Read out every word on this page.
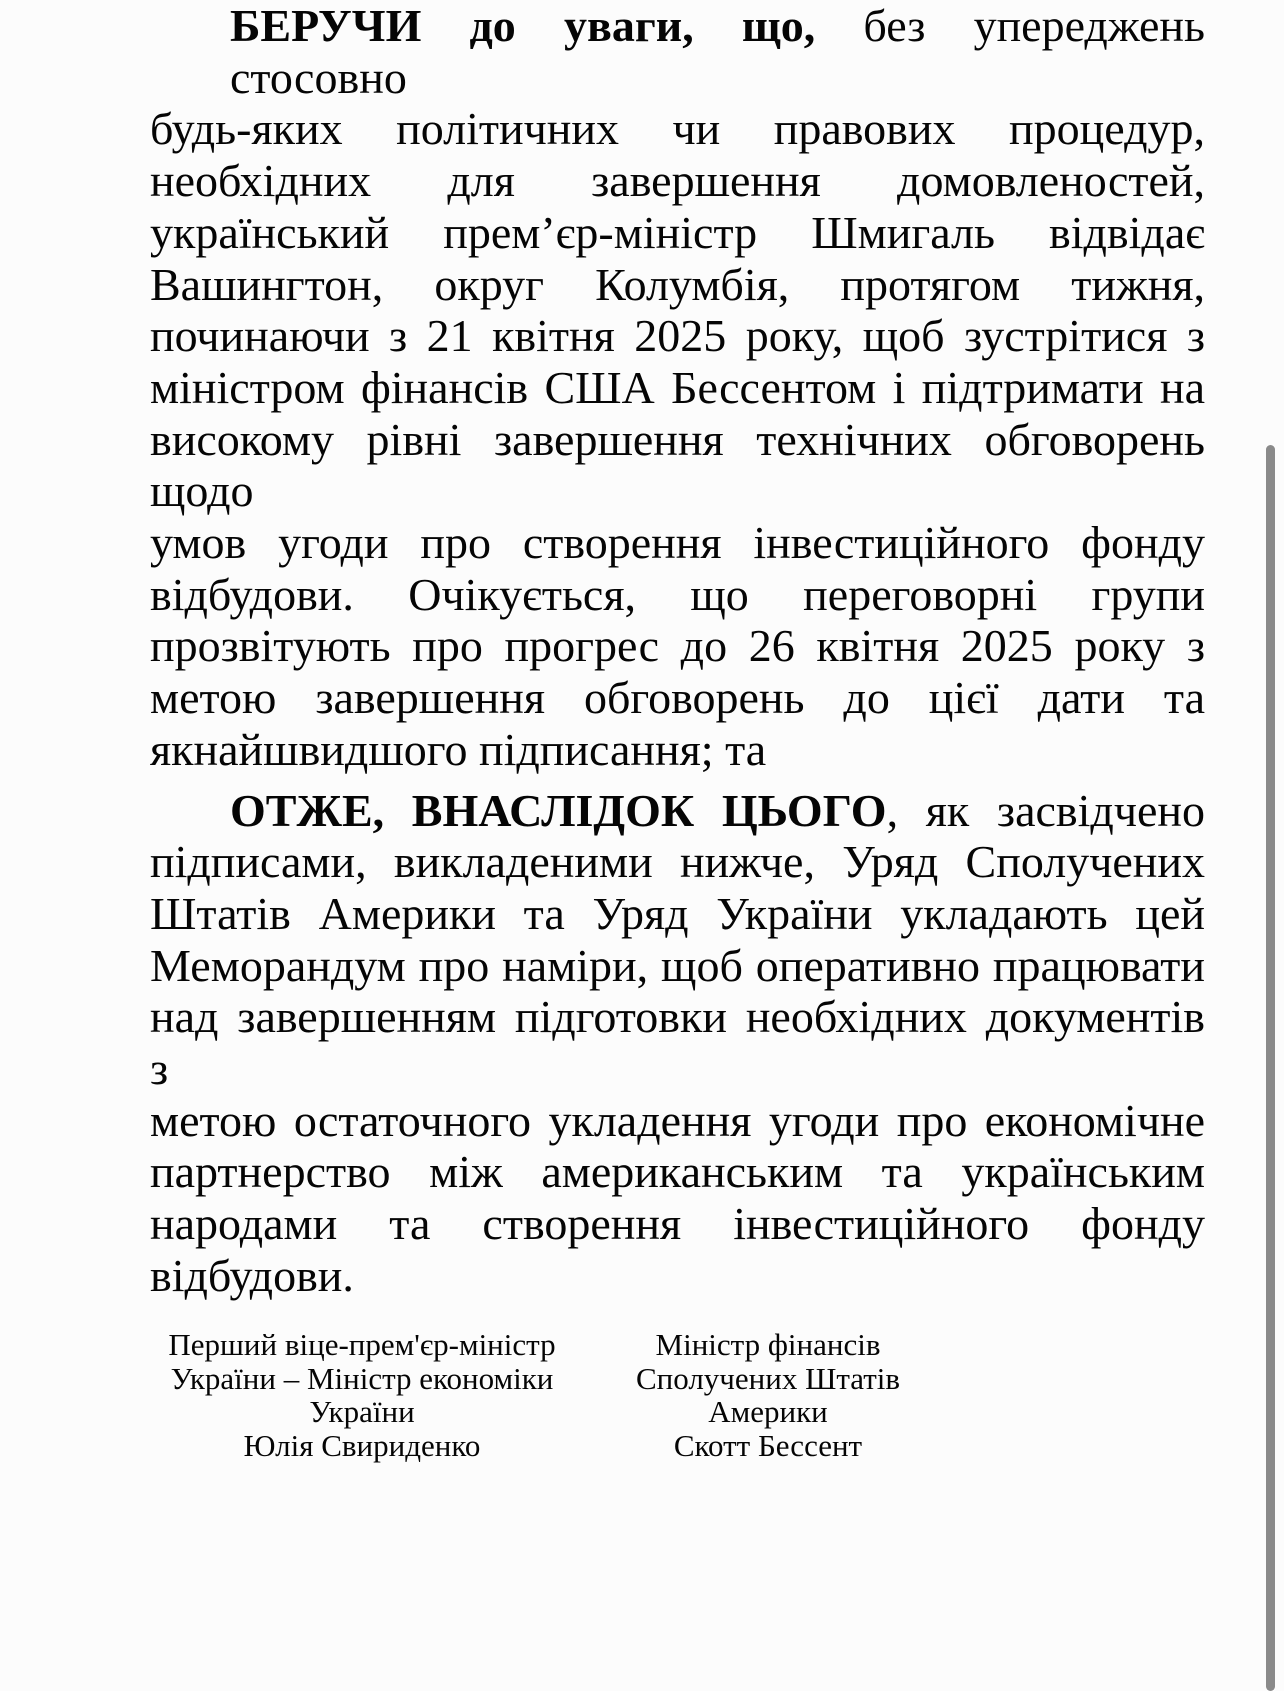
БЕРУЧИ до уваги, що, без упереджень стосовно
будь-яких політичних чи правових процедур,
необхідних для завершення домовленостей,
український прем’єр-міністр Шмигаль відвідає
Вашингтон, округ Колумбія, протягом тижня,
починаючи з 21 квітня 2025 року, щоб зустрітися з
міністром фінансів США Бессентом і підтримати на
високому рівні завершення технічних обговорень щодо
умов угоди про створення інвестиційного фонду
відбудови. Очікується, що переговорні групи
прозвітують про прогрес до 26 квітня 2025 року з
метою завершення обговорень до цієї дати та
якнайшвидшого підписання; та
ОТЖЕ, ВНАСЛІДОК ЦЬОГО, як засвідчено
підписами, викладеними нижче, Уряд Сполучених
Штатів Америки та Уряд України укладають цей
Меморандум про наміри, щоб оперативно працювати
над завершенням підготовки необхідних документів з
метою остаточного укладення угоди про економічне
партнерство між американським та українським
народами та створення інвестиційного фонду
відбудови.
Перший віце-прем'єр-міністр
України – Міністр економіки
України
Юлія Свириденко
Міністр фінансів
Сполучених Штатів Америки
Скотт Бессент
